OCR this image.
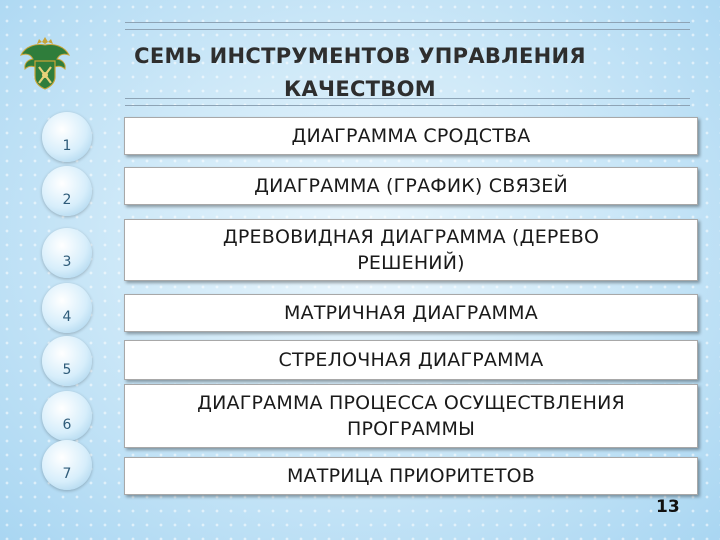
СЕМЬ ИНСТРУМЕНТОВ УПРАВЛЕНИЯ
КАЧЕСТВОМ
1
2
3
4
5
6
7
ДИАГРАММА СРОДСТВА
ДИАГРАММА (ГРАФИК) СВЯЗЕЙ
ДРЕВОВИДНАЯ ДИАГРАММА (ДЕРЕВО РЕШЕНИЙ)
МАТРИЧНАЯ ДИАГРАММА
СТРЕЛОЧНАЯ ДИАГРАММА
ДИАГРАММА ПРОЦЕССА ОСУЩЕСТВЛЕНИЯ ПРОГРАММЫ
МАТРИЦА ПРИОРИТЕТОВ
13
